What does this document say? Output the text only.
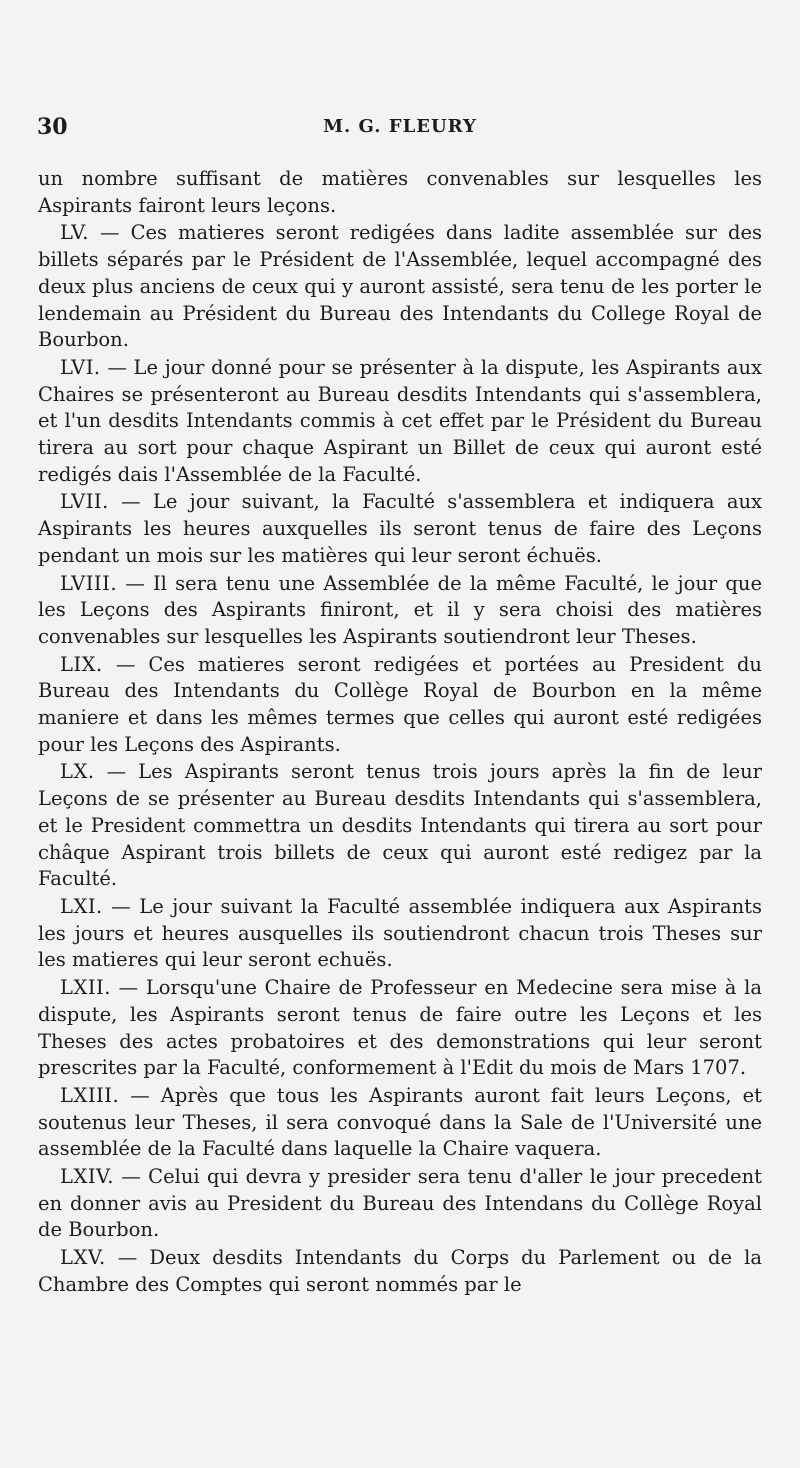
30	M. G. FLEURY

un nombre suffisant de matières convenables sur lesquelles les Aspirants fairont leurs leçons.

LV. — Ces matieres seront redigées dans ladite assemblée sur des billets séparés par le Président de l'Assemblée, lequel accompagné des deux plus anciens de ceux qui y auront assisté, sera tenu de les porter le lendemain au Président du Bureau des Intendants du College Royal de Bourbon.

LVI. — Le jour donné pour se présenter à la dispute, les Aspirants aux Chaires se présenteront au Bureau desdits Intendants qui s'assemblera, et l'un desdits Intendants commis à cet effet par le Président du Bureau tirera au sort pour chaque Aspirant un Billet de ceux qui auront esté redigés dais l'Assemblée de la Faculté.

LVII. — Le jour suivant, la Faculté s'assemblera et indiquera aux Aspirants les heures auxquelles ils seront tenus de faire des Leçons pendant un mois sur les matières qui leur seront échuës.

LVIII. — Il sera tenu une Assemblée de la même Faculté, le jour que les Leçons des Aspirants finiront, et il y sera choisi des matières convenables sur lesquelles les Aspirants soutiendront leur Theses.

LIX. — Ces matieres seront redigées et portées au President du Bureau des Intendants du Collège Royal de Bourbon en la même maniere et dans les mêmes termes que celles qui auront esté redigées pour les Leçons des Aspirants.

LX. — Les Aspirants seront tenus trois jours après la fin de leur Leçons de se présenter au Bureau desdits Intendants qui s'assemblera, et le President commettra un desdits Intendants qui tirera au sort pour châque Aspirant trois billets de ceux qui auront esté redigez par la Faculté.

LXI. — Le jour suivant la Faculté assemblée indiquera aux Aspirants les jours et heures ausquelles ils soutiendront chacun trois Theses sur les matieres qui leur seront echuës.

LXII. — Lorsqu'une Chaire de Professeur en Medecine sera mise à la dispute, les Aspirants seront tenus de faire outre les Leçons et les Theses des actes probatoires et des demonstrations qui leur seront prescrites par la Faculté, conformement à l'Edit du mois de Mars 1707.

LXIII. — Après que tous les Aspirants auront fait leurs Leçons, et soutenus leur Theses, il sera convoqué dans la Sale de l'Université une assemblée de la Faculté dans laquelle la Chaire vaquera.

LXIV. — Celui qui devra y presider sera tenu d'aller le jour precedent en donner avis au President du Bureau des Intendans du Collège Royal de Bourbon.

LXV. — Deux desdits Intendants du Corps du Parlement ou de la Chambre des Comptes qui seront nommés par le
